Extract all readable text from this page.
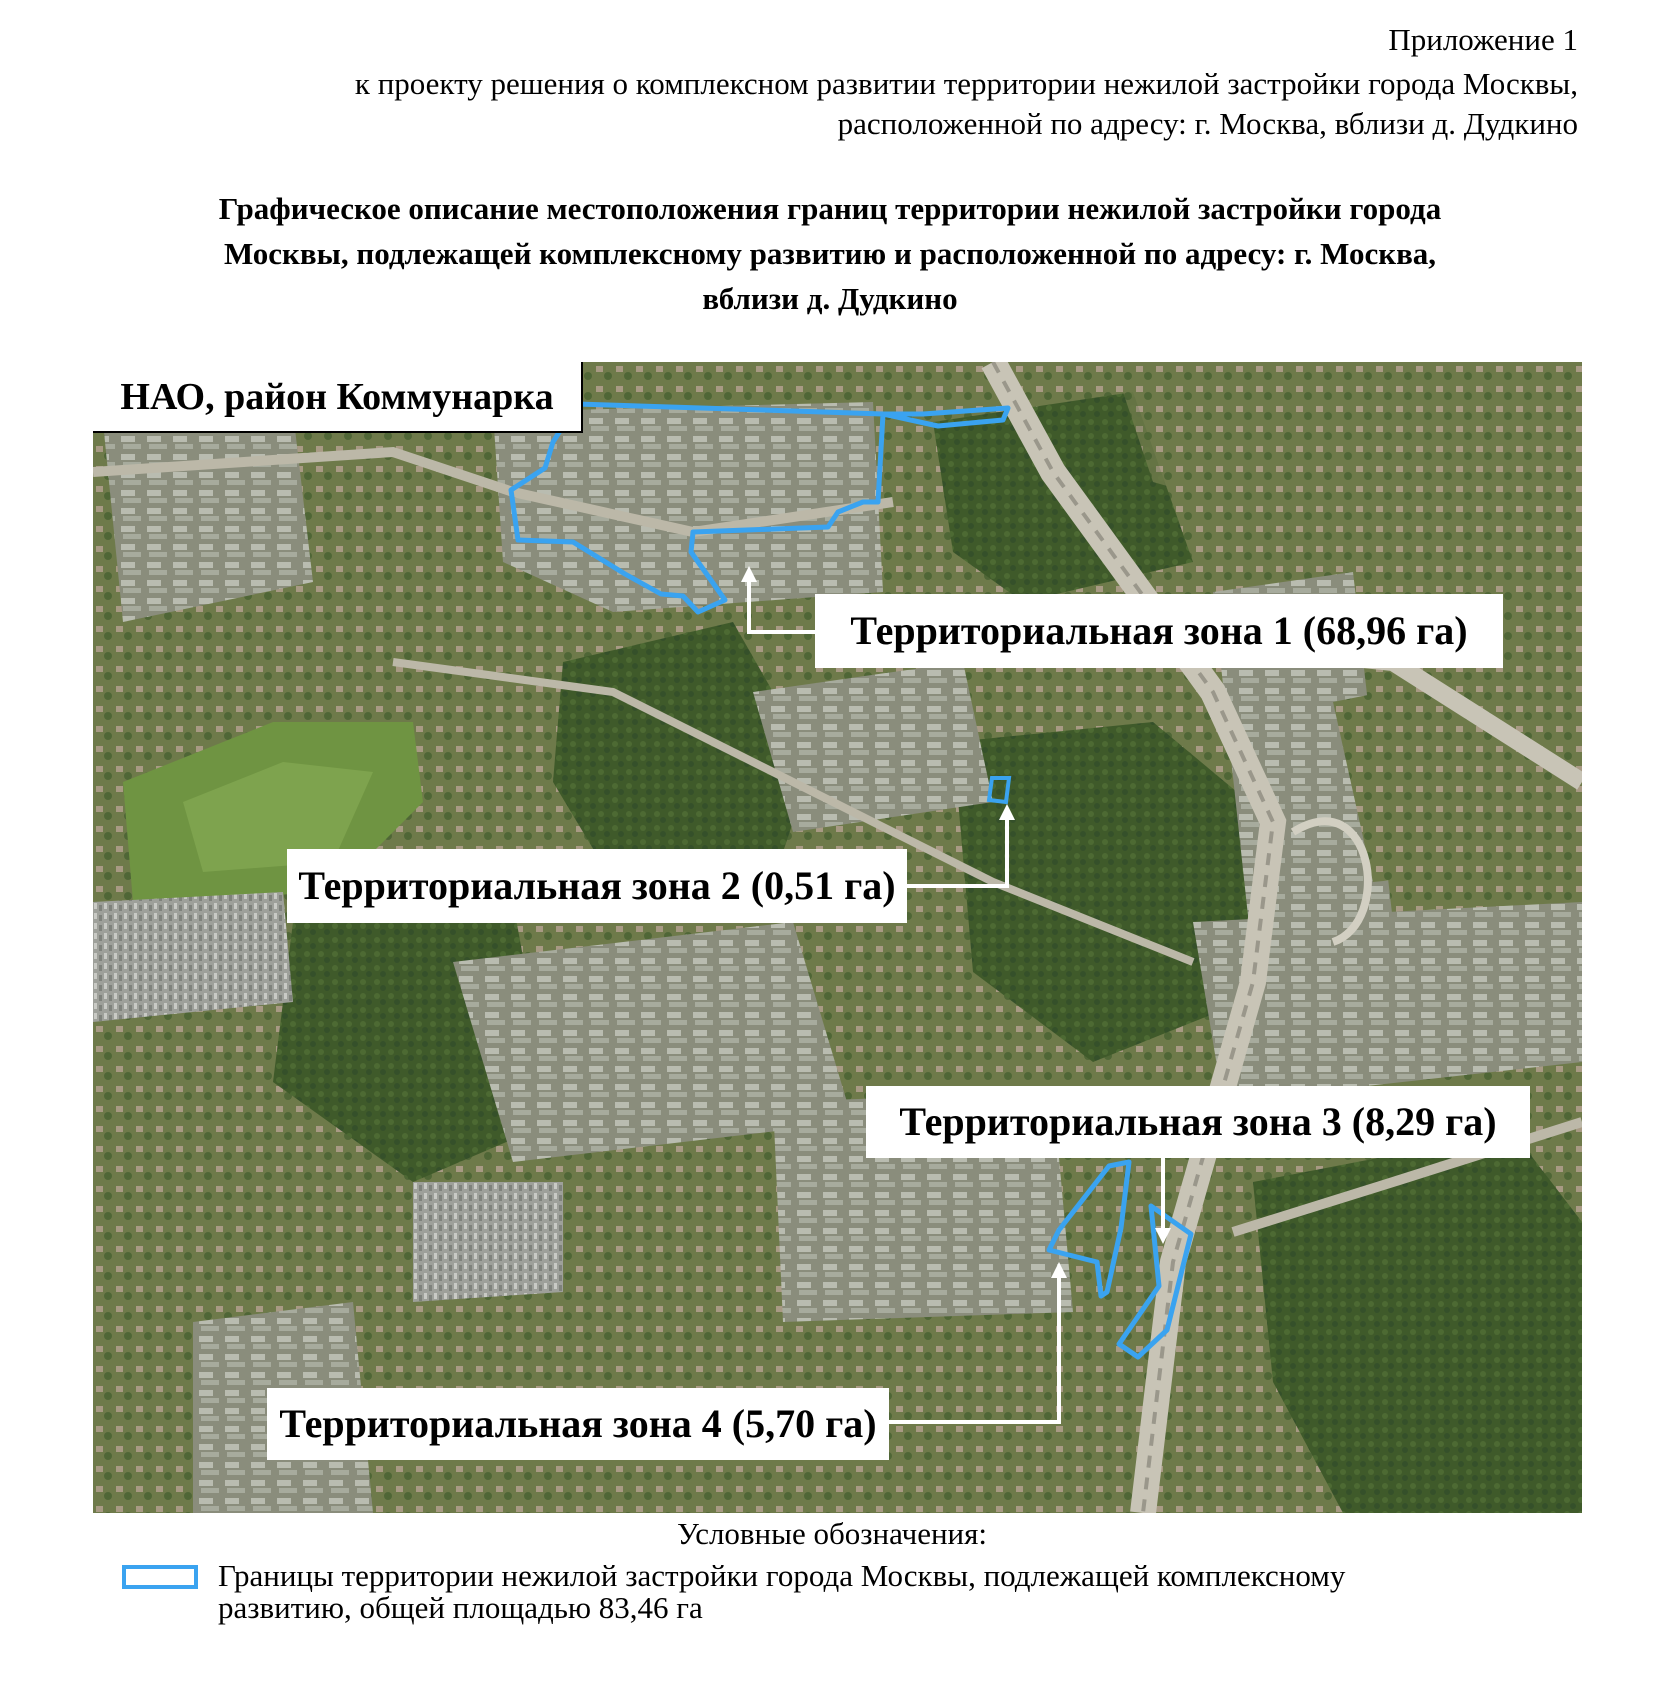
Приложение 1
к проекту решения о комплексном развитии территории нежилой застройки города Москвы,
расположенной по адресу: г. Москва, вблизи д. Дудкино
Графическое описание местоположения границ территории нежилой застройки города
Москвы, подлежащей комплексному развитию и расположенной по адресу: г. Москва,
вблизи д. Дудкино
НАО, район Коммунарка
Территориальная зона 1 (68,96 га)
Территориальная зона 2 (0,51 га)
Территориальная зона 3 (8,29 га)
Территориальная зона 4 (5,70 га)
Условные обозначения:
Границы территории нежилой застройки города Москвы, подлежащей комплексному
развитию, общей площадью 83,46 га
